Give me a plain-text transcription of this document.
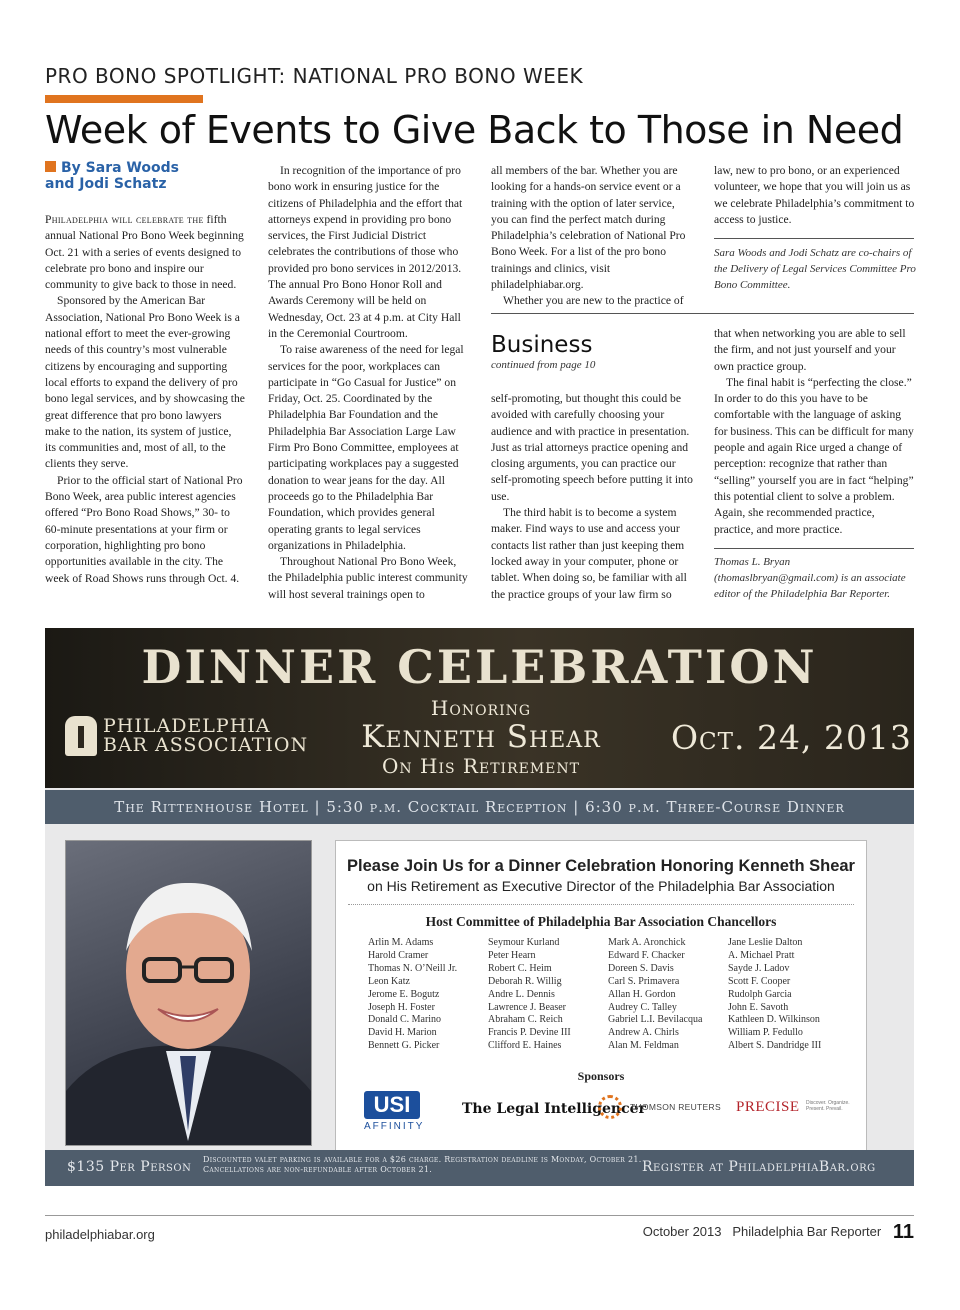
PRO BONO SPOTLIGHT: NATIONAL PRO BONO WEEK
Week of Events to Give Back to Those in Need
By Sara Woods
and Jodi Schatz

Philadelphia will celebrate the fifth annual National Pro Bono Week beginning Oct. 21 with a series of events designed to celebrate pro bono and inspire our community to give back to those in need.

Sponsored by the American Bar Association, National Pro Bono Week is a national effort to meet the ever-growing needs of this country’s most vulnerable citizens by encouraging and supporting local efforts to expand the delivery of pro bono legal services, and by showcasing the great difference that pro bono lawyers make to the nation, its system of justice, its communities and, most of all, to the clients they serve.

Prior to the official start of National Pro Bono Week, area public interest agencies offered “Pro Bono Road Shows,” 30- to 60-minute presentations at your firm or corporation, highlighting pro bono opportunities available in the city. The week of Road Shows runs through Oct. 4.

In recognition of the importance of pro bono work in ensuring justice for the citizens of Philadelphia and the effort that attorneys expend in providing pro bono services, the First Judicial District celebrates the contributions of those who provided pro bono services in 2012/2013. The annual Pro Bono Honor Roll and Awards Ceremony will be held on Wednesday, Oct. 23 at 4 p.m. at City Hall in the Ceremonial Courtroom.

To raise awareness of the need for legal services for the poor, workplaces can participate in “Go Casual for Justice” on Friday, Oct. 25. Coordinated by the Philadelphia Bar Foundation and the Philadelphia Bar Association Large Law Firm Pro Bono Committee, employees at participating workplaces pay a suggested donation to wear jeans for the day. All proceeds go to the Philadelphia Bar Foundation, which provides general operating grants to legal services organizations in Philadelphia.

Throughout National Pro Bono Week, the Philadelphia public interest community will host several trainings open to

all members of the bar. Whether you are looking for a hands-on service event or a training with the option of later service, you can find the perfect match during Philadelphia’s celebration of National Pro Bono Week. For a list of the pro bono trainings and clinics, visit philadelphiabar.org.

Whether you are new to the practice of

law, new to pro bono, or an experienced volunteer, we hope that you will join us as we celebrate Philadelphia’s commitment to access to justice.

Sara Woods and Jodi Schatz are co-chairs of the Delivery of Legal Services Committee Pro Bono Committee.
Business
continued from page 10

self-promoting, but thought this could be avoided with carefully choosing your audience and with practice in presentation. Just as trial attorneys practice opening and closing arguments, you can practice our self-promoting speech before putting it into use.

The third habit is to become a system maker. Find ways to use and access your contacts list rather than just keeping them locked away in your computer, phone or tablet. When doing so, be familiar with all the practice groups of your law firm so

that when networking you are able to sell the firm, and not just yourself and your own practice group.

The final habit is “perfecting the close.” In order to do this you have to be comfortable with the language of asking for business. This can be difficult for many people and again Rice urged a change of perception: recognize that rather than “selling” yourself you are in fact “helping” this potential client to solve a problem. Again, she recommended practice, practice, and more practice.

Thomas L. Bryan (thomaslbryan@gmail.com) is an associate editor of the Philadelphia Bar Reporter.
DINNER CELEBRATION
PHILADELPHIA
BAR ASSOCIATION
Honoring
Kenneth Shear
On His Retirement
Oct. 24, 2013
The Rittenhouse Hotel | 5:30 p.m. Cocktail Reception | 6:30 p.m. Three-Course Dinner
Please Join Us for a Dinner Celebration Honoring Kenneth Shear
on His Retirement as Executive Director of the Philadelphia Bar Association
Host Committee of Philadelphia Bar Association Chancellors
Arlin M. Adams
Harold Cramer
Thomas N. O’Neill Jr.
Leon Katz
Jerome E. Bogutz
Joseph H. Foster
Donald C. Marino
David H. Marion
Bennett G. Picker
Seymour Kurland
Peter Hearn
Robert C. Heim
Deborah R. Willig
Andre L. Dennis
Lawrence J. Beaser
Abraham C. Reich
Francis P. Devine III
Clifford E. Haines
Mark A. Aronchick
Edward F. Chacker
Doreen S. Davis
Carl S. Primavera
Allan H. Gordon
Audrey C. Talley
Gabriel L.I. Bevilacqua
Andrew A. Chirls
Alan M. Feldman
Jane Leslie Dalton
A. Michael Pratt
Sayde J. Ladov
Scott F. Cooper
Rudolph Garcia
John E. Savoth
Kathleen D. Wilkinson
William P. Fedullo
Albert S. Dandridge III
Sponsors
USI
AFFINITY
The Legal Intelligencer
THOMSON REUTERS PRECISE Discover. Organize. Present. Prevail.
$135 Per Person Discounted valet parking is available for a $26 charge. Registration deadline is Monday, October 21. Cancellations are non-refundable after October 21.	Register at PhiladelphiaBar.org
philadelphiabar.org	October 2013 Philadelphia Bar Reporter 11
